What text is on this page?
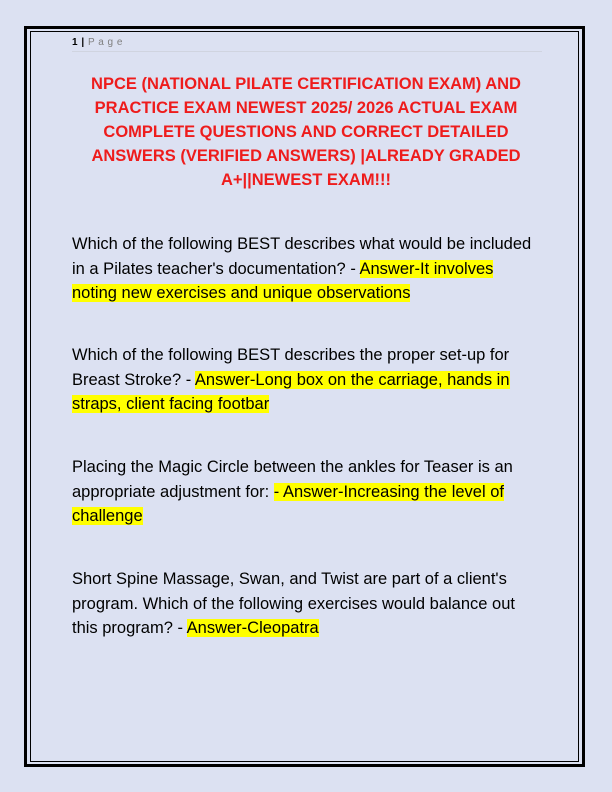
1 | P a g e
NPCE (NATIONAL PILATE CERTIFICATION EXAM) AND PRACTICE EXAM NEWEST 2025/ 2026 ACTUAL EXAM COMPLETE QUESTIONS AND CORRECT DETAILED ANSWERS (VERIFIED ANSWERS) |ALREADY GRADED A+||NEWEST EXAM!!!
Which of the following BEST describes what would be included in a Pilates teacher's documentation? - Answer-It involves noting new exercises and unique observations
Which of the following BEST describes the proper set-up for Breast Stroke? - Answer-Long box on the carriage, hands in straps, client facing footbar
Placing the Magic Circle between the ankles for Teaser is an appropriate adjustment for: - Answer-Increasing the level of challenge
Short Spine Massage, Swan, and Twist are part of a client's program. Which of the following exercises would balance out this program? - Answer-Cleopatra
